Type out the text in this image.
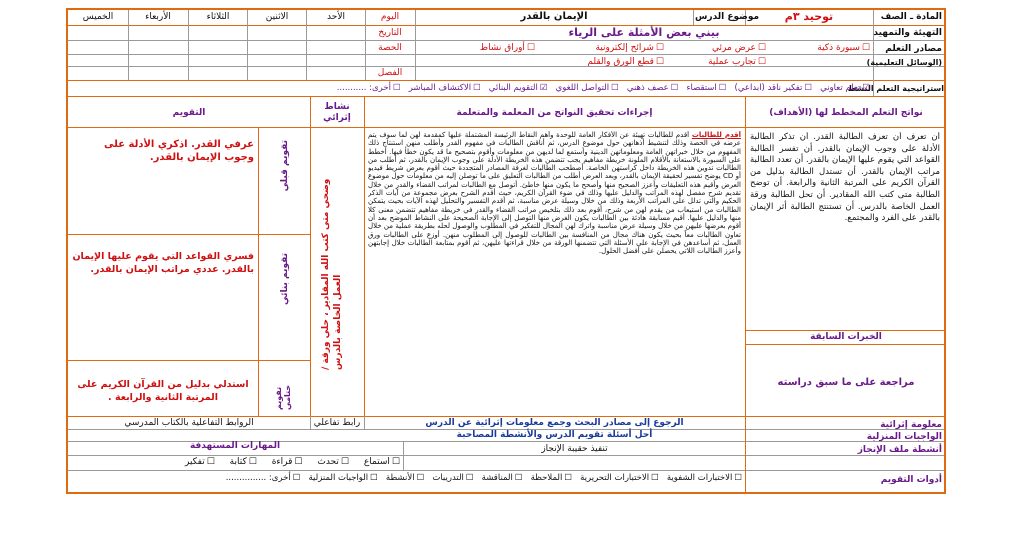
المادة ـ الصف
توحيد ٣م
موضوع الدرس
الإيمان بالقدر
اليوم
الأحد
الاثنين
الثلاثاء
الأربعاء
الخميس
التاريخ
الحصة
الفصل
التهيئة والتمهيد
بيني بعض الأمثلة على الرياء
مصادر التعلم
(الوسائل التعليمية)
☐ سبورة ذكية
☐ عرض مرئي
☐ شرائح إلكترونية
☐ أوراق نشاط
☐ تجارب عملية
☐ قطع الورق والقلم
استراتيجية التعلم النشط
☑ تعلم تعاوني   ☐ تفكير ناقد (ابداعي)   ☐ استقصاء   ☐ عصف ذهني   ☐ التواصل اللغوي   ☑ التقويم البنائي   ☐ الاكتشاف المباشر   ☐ أخرى: ...........
نواتج التعلم المخطط لها (الأهداف)
إجراءات تحقيق النواتج من المعلمة والمتعلمة
نشاط إثرائي
التقويم
أن تعرف أن تعرف الطالبة القدر. أن تذكر الطالبة الأدلة على وجوب الإيمان بالقدر. أن تفسر الطالبة القواعد التي يقوم عليها الإيمان بالقدر. أن تعدد الطالبة مراتب الإيمان بالقدر. أن تستدل الطالبة بدليل من القرآن الكريم على المرتبة الثانية والرابعة. أن توضح الطالبة متى كتب الله المقادير. أن تحل الطالبة ورقة العمل الخاصة بالدرس. أن تستنتج الطالبة أثر الإيمان بالقدر على الفرد والمجتمع.
الخبرات السابقة
مراجعة على ما سبق دراسته
أقدم للطالبات أقدم للطالبات تهيئة عن الأفكار العامة للوحدة وأهم النقاط الرئيسة المشتملة عليها كمقدمة لهن لما سوف يتم عرضه في الحصة وذلك لتنشيط أذهانهن حول موضوع الدرس، ثم أناقش الطالبات في مفهوم القدر وأطلب منهن استنتاج ذلك المفهوم من خلال خبراتهن العامة ومعلوماتهن الدينية وأستمع لما لديهن من معلومات وأقوم بتصحيح ما قد يكون خطأ فيها. أخطط على السبورة بالاستعانة بالأقلام الملونة خريطة مفاهيم يجب تتضمن هذه الخريطة الأدلة على وجوب الإيمان بالقدر، ثم أطلب من الطالبات تدوين هذه الخريطة داخل كراستهن الخاصة. أصطحب الطالبات لغرفة المصادر المتجددة حيث أقوم بعرض شريط فيديو أو CD يوضح تفسير لحقيقة الإيمان بالقدر، وبعد العرض أطلب من الطالبات التعليق على ما توصلن إليه من معلومات حول موضوع العرض وأقيم هذه التعليقات وأعزز الصحيح منها وأصحح ما يكون منها خاطئ. أتوصل مع الطالبات لمراتب القضاء والقدر من خلال تقديم شرح مفصل لهذه المراتب والدليل عليها وذلك في ضوء القرآن الكريم، حيث أقدم الشرح بعرض مجموعة من آيات الذكر الحكيم والتي تدلل على المراتب الأربعة وذلك من خلال وسيلة عرض مناسبة، ثم أقدم التفسير والتحليل لهذه الآيات بحيث يتمكن الطالبات من استيعاب من يقدم لهن من شرح، أقوم بعد ذلك بتلخيص مراتب القضاء والقدر في خريطة مفاهيم تتضمن معنى كلا منها والدليل عليها. أقيم مسابقة هادئة بين الطالبات يكون الغرض منها التوصل إلى الإجابة الصحيحة على النشاط الموضح بعد أن أقوم بعرضها عليهن من خلال وسيلة عرض مناسبة واترك لهن المجال للتفكير في المطلوب والوصول لحله بطريقة عملية من خلال تعاون الطالبات معاً بحيث يكون هناك مجال من المنافسة بين الطالبات للوصول إلى المطلوب منهن. أوزع على الطالبات ورق العمل، ثم أساعدهن في الإجابة على الأسئلة التي تتضمنها الورقة من خلال قراءتها عليهن، ثم أقوم بمتابعة الطالبات خلال إجابتهن وأعزز الطالبات اللاتي يحصلن على أفضل الحلول.
/ وضحي متى كتب الله المقادير ، حلي ورقة العمل الخاصة بالدرس
تقويم قبلي
تقويم بنائي
تقويم ختامي
عرفي القدر. اذكري الأدلة على وجوب الإيمان بالقدر.
فسري القواعد التي يقوم عليها الإيمان بالقدر. عددي مراتب الإيمان بالقدر.
استدلي بدليل من القرآن الكريم على المرتبة الثانية والرابعة .
معلومة إثرائية
الرجوع إلى مصادر البحث وجمع معلومات إثرائية عن الدرس
رابط تفاعلي
الروابط التفاعلية بالكتاب المدرسي
الواجبات المنزلية
أحل أسئلة تقويم الدرس والأنشطة المصاحبة
المهارات المستهدفة	أنشطة ملف الإنجاز
تنفيذ حقيبة الإنجاز
☐ استماع ☐ تحدث ☐ قراءة ☐ كتابة ☐ تفكير
أدوات التقويم
☐ الاختبارات الشفوية   ☐ الاختبارات التحريرية   ☐ الملاحظة   ☐ المناقشة   ☐ التدريبات   ☐ الأنشطة   ☐ الواجبات المنزلية   ☐ أخرى: ...............
